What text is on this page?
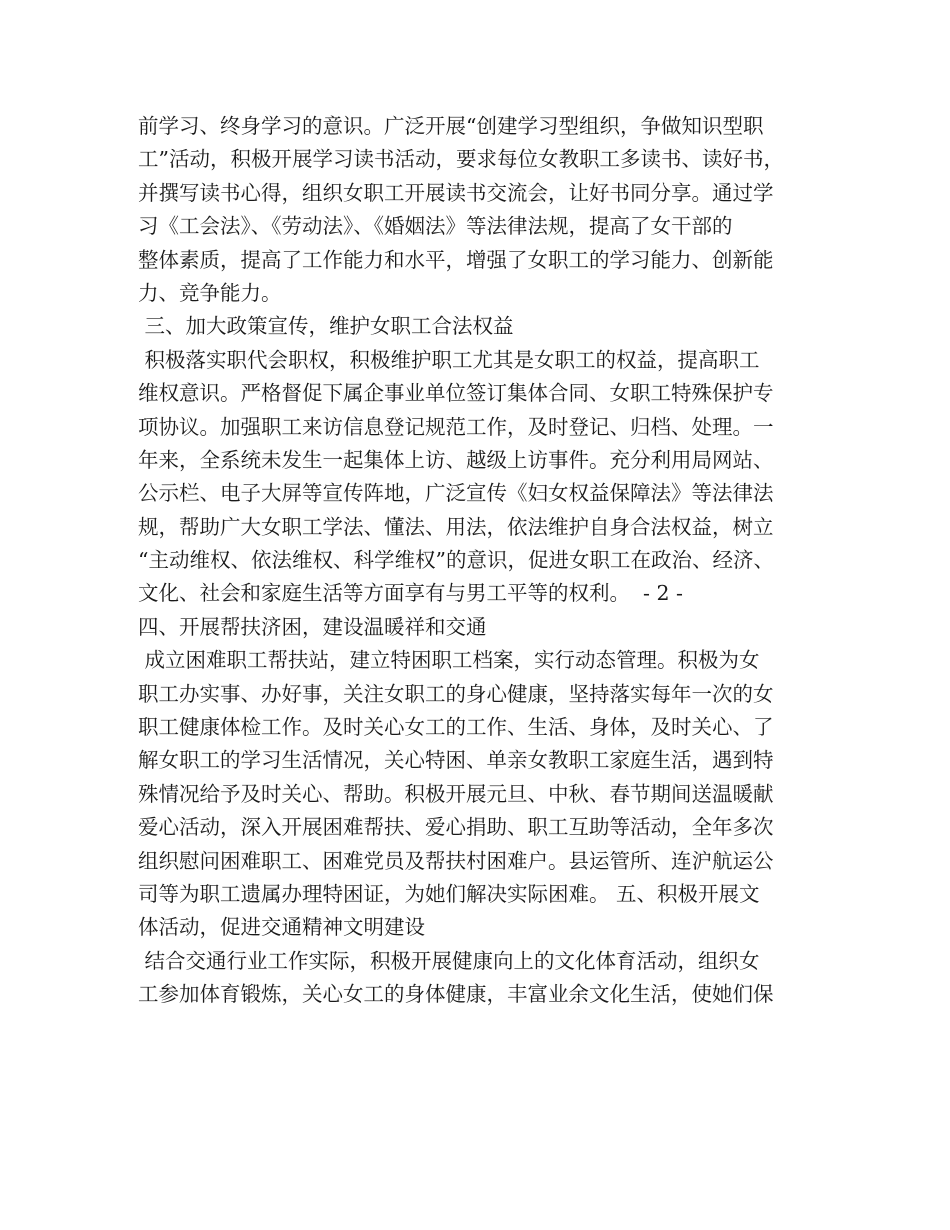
前学习、终身学习的意识。广泛开展“创建学习型组织，争做知识型职
工”活动，积极开展学习读书活动，要求每位女教职工多读书、读好书，
并撰写读书心得，组织女职工开展读书交流会，让好书同分享。通过学
习《工会法》、《劳动法》、《婚姻法》等法律法规，提高了女干部的
整体素质，提高了工作能力和水平，增强了女职工的学习能力、创新能
力、竞争能力。
三、加大政策宣传，维护女职工合法权益
积极落实职代会职权，积极维护职工尤其是女职工的权益，提高职工
维权意识。严格督促下属企事业单位签订集体合同、女职工特殊保护专
项协议。加强职工来访信息登记规范工作，及时登记、归档、处理。一
年来，全系统未发生一起集体上访、越级上访事件。充分利用局网站、
公示栏、电子大屏等宣传阵地，广泛宣传《妇女权益保障法》等法律法
规，帮助广大女职工学法、懂法、用法，依法维护自身合法权益，树立
“主动维权、依法维权、科学维权”的意识，促进女职工在政治、经济、
文化、社会和家庭生活等方面享有与男工平等的权利。  - 2 -
四、开展帮扶济困，建设温暖祥和交通
成立困难职工帮扶站，建立特困职工档案，实行动态管理。积极为女
职工办实事、办好事，关注女职工的身心健康，坚持落实每年一次的女
职工健康体检工作。及时关心女工的工作、生活、身体，及时关心、了
解女职工的学习生活情况，关心特困、单亲女教职工家庭生活，遇到特
殊情况给予及时关心、帮助。积极开展元旦、中秋、春节期间送温暖献
爱心活动，深入开展困难帮扶、爱心捐助、职工互助等活动，全年多次
组织慰问困难职工、困难党员及帮扶村困难户。县运管所、连沪航运公
司等为职工遗属办理特困证，为她们解决实际困难。 五、积极开展文
体活动，促进交通精神文明建设
结合交通行业工作实际，积极开展健康向上的文化体育活动，组织女
工参加体育锻炼，关心女工的身体健康，丰富业余文化生活，使她们保
